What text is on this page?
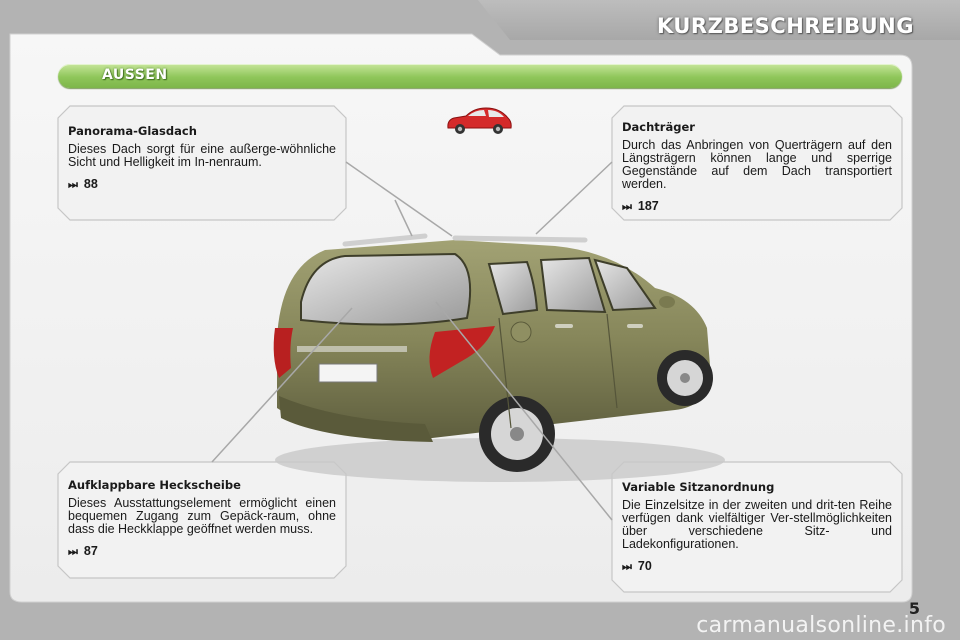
KURZBESCHREIBUNG
AUSSEN
Panorama-Glasdach

Dieses Dach sorgt für eine außerge-wöhnliche Sicht und Helligkeit im In-nenraum.

⏭ 88
Dachträger

Durch das Anbringen von Querträgern auf den Längsträgern können lange und sperrige Gegenstände auf dem Dach transportiert werden.

⏭ 187
Aufklappbare Heckscheibe

Dieses Ausstattungselement ermöglicht einen bequemen Zugang zum Gepäck-raum, ohne dass die Heckklappe geöffnet werden muss.

⏭ 87
Variable Sitzanordnung

Die Einzelsitze in der zweiten und drit-ten Reihe verfügen dank vielfältiger Ver-stellmöglichkeiten über verschiedene Sitz- und Ladekonfigurationen.

⏭ 70
5
carmanualsonline.info
